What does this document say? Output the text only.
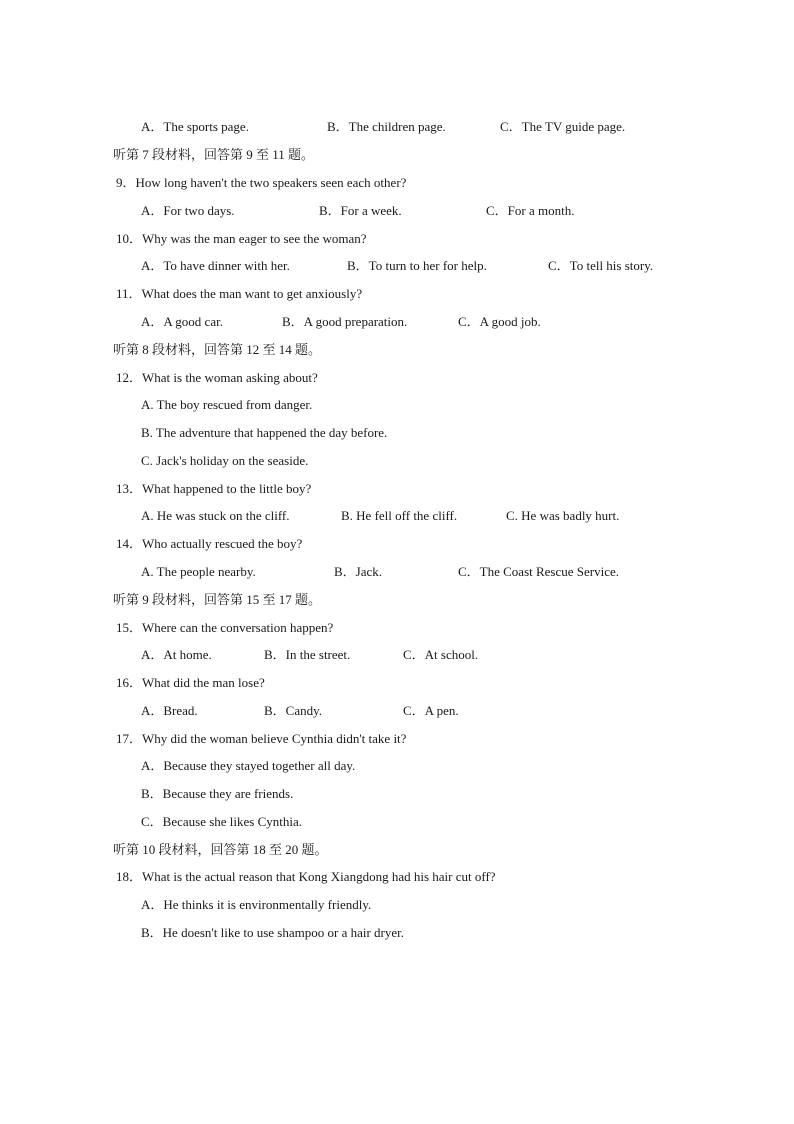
A．The sports page.	B．The children page.	C．The TV guide page.
听第 7 段材料，回答第 9 至 11 题。
9．How long haven't the two speakers seen each other?
A．For two days.	B．For a week.	C．For a month.
10．Why was the man eager to see the woman?
A．To have dinner with her.	B．To turn to her for help.	C．To tell his story.
11．What does the man want to get anxiously?
A．A good car.	B．A good preparation.	C．A good job.
听第 8 段材料，回答第 12 至 14 题。
12．What is the woman asking about?
A. The boy rescued from danger.
B. The adventure that happened the day before.
C. Jack's holiday on the seaside.
13．What happened to the little boy?
A. He was stuck on the cliff.	B. He fell off the cliff.	C. He was badly hurt.
14．Who actually rescued the boy?
A. The people nearby.	B．Jack.	C．The Coast Rescue Service.
听第 9 段材料，回答第 15 至 17 题。
15．Where can the conversation happen?
A．At home.	B．In the street.	C．At school.
16．What did the man lose?
A．Bread.	B．Candy.	C．A pen.
17．Why did the woman believe Cynthia didn't take it?
A．Because they stayed together all day.
B．Because they are friends.
C．Because she likes Cynthia.
听第 10 段材料，回答第 18 至 20 题。
18．What is the actual reason that Kong Xiangdong had his hair cut off?
A．He thinks it is environmentally friendly.
B．He doesn't like to use shampoo or a hair dryer.
